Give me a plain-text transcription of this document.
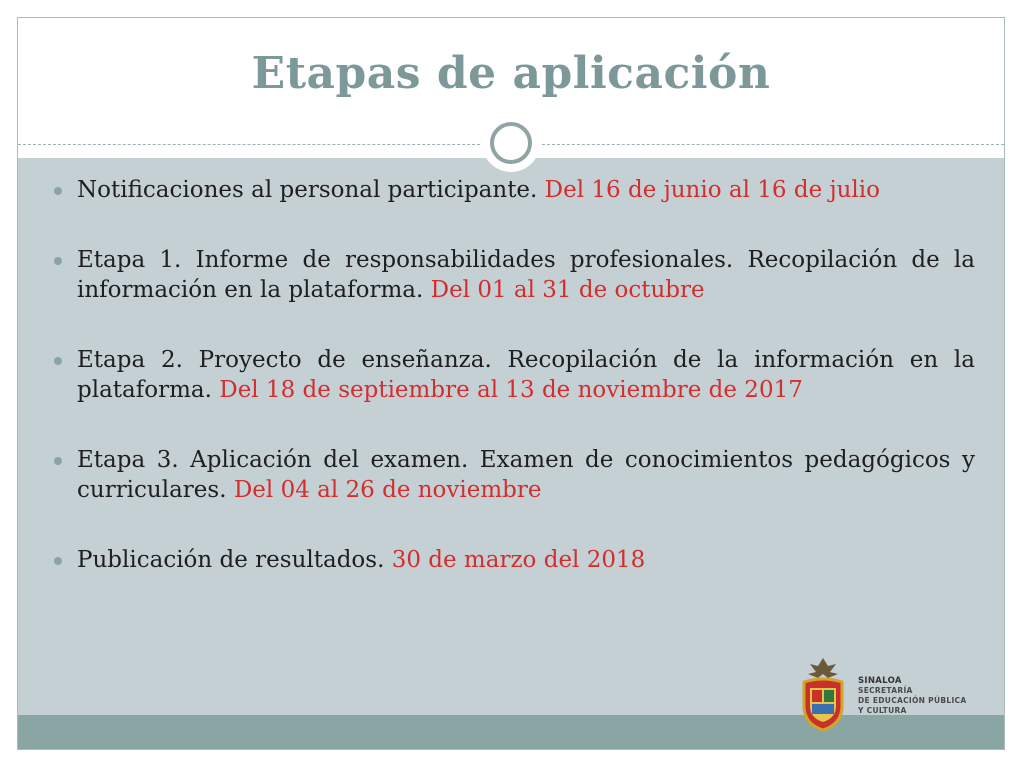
Etapas de aplicación
Notificaciones al personal participante. Del 16 de junio al 16 de julio
Etapa 1. Informe de responsabilidades profesionales. Recopilación de la información en la plataforma. Del 01 al 31 de octubre
Etapa 2. Proyecto de enseñanza. Recopilación de la información en la plataforma. Del 18 de septiembre al 13 de noviembre de 2017
Etapa 3. Aplicación del examen. Examen de conocimientos pedagógicos y curriculares. Del 04 al 26 de noviembre
Publicación de resultados. 30 de marzo del 2018
SINALOA
SECRETARÍA
DE EDUCACIÓN PÚBLICA
Y CULTURA
